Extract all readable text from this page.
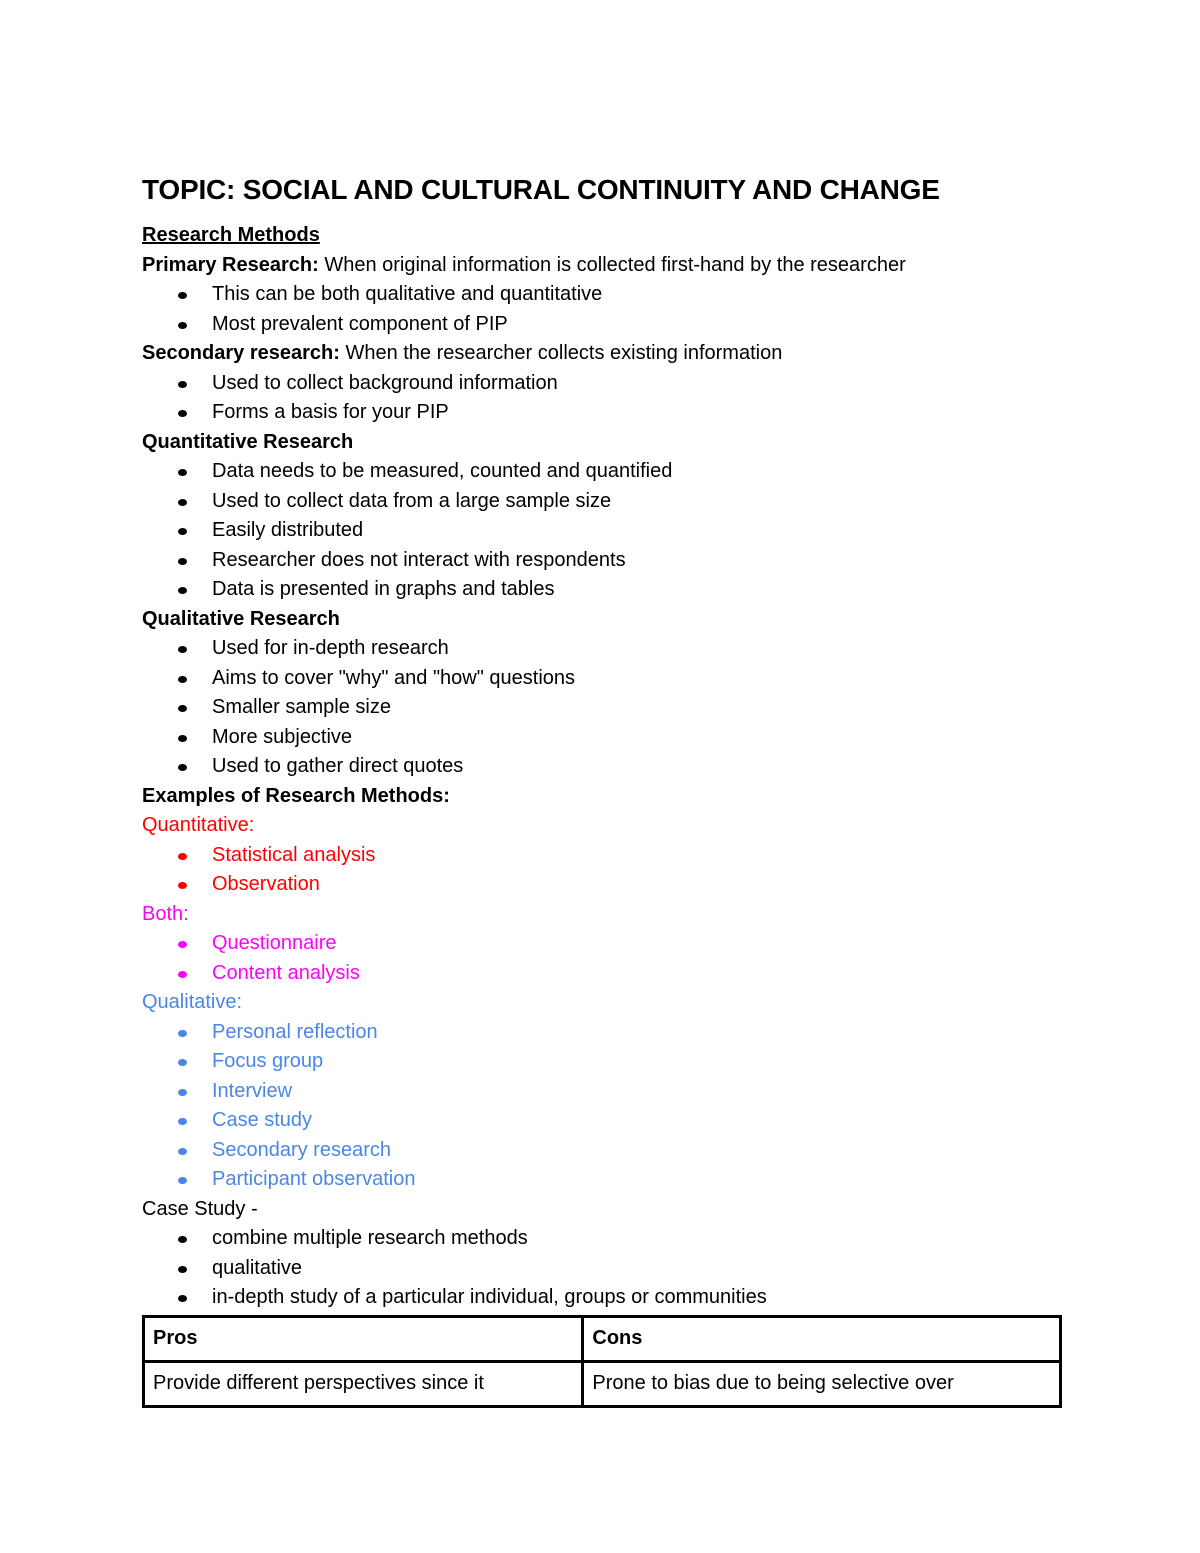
TOPIC: SOCIAL AND CULTURAL CONTINUITY AND CHANGE
Research Methods
Primary Research: When original information is collected first-hand by the researcher
This can be both qualitative and quantitative
Most prevalent component of PIP
Secondary research: When the researcher collects existing information
Used to collect background information
Forms a basis for your PIP
Quantitative Research
Data needs to be measured, counted and quantified
Used to collect data from a large sample size
Easily distributed
Researcher does not interact with respondents
Data is presented in graphs and tables
Qualitative Research
Used for in-depth research
Aims to cover "why" and "how" questions
Smaller sample size
More subjective
Used to gather direct quotes
Examples of Research Methods:
Quantitative:
Statistical analysis
Observation
Both:
Questionnaire
Content analysis
Qualitative:
Personal reflection
Focus group
Interview
Case study
Secondary research
Participant observation
Case Study -
combine multiple research methods
qualitative
in-depth study of a particular individual, groups or communities
Pros	Cons
Provide different perspectives since it	Prone to bias due to being selective over
